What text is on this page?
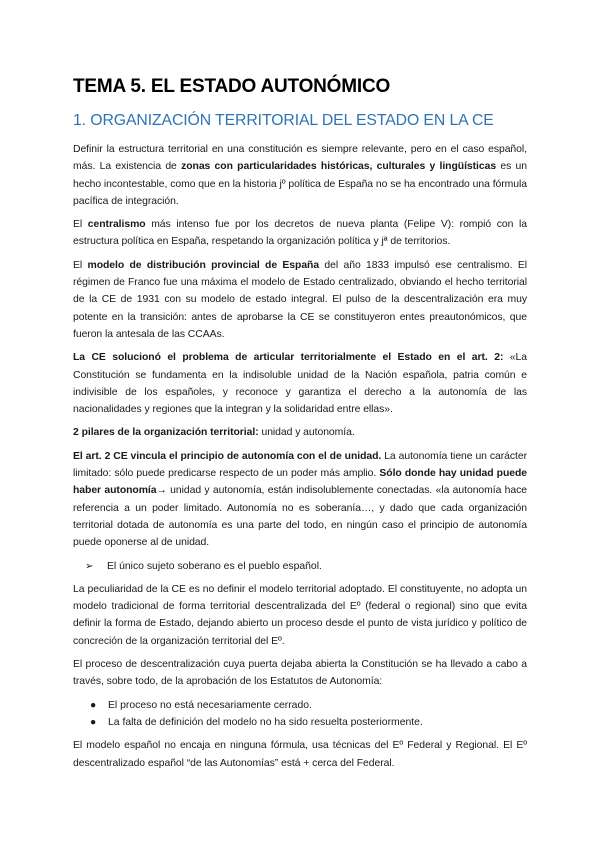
TEMA 5. EL ESTADO AUTONÓMICO
1. ORGANIZACIÓN TERRITORIAL DEL ESTADO EN LA CE

Definir la estructura territorial en una constitución es siempre relevante, pero en el caso español, más. La existencia de zonas con particularidades históricas, culturales y lingüísticas es un hecho incontestable, como que en la historia jº política de España no se ha encontrado una fórmula pacífica de integración.

El centralismo más intenso fue por los decretos de nueva planta (Felipe V): rompió con la estructura política en España, respetando la organización política y jª de territorios.

El modelo de distribución provincial de España del año 1833 impulsó ese centralismo. El régimen de Franco fue una máxima el modelo de Estado centralizado, obviando el hecho territorial de la CE de 1931 con su modelo de estado integral. El pulso de la descentralización era muy potente en la transición: antes de aprobarse la CE se constituyeron entes preautonómicos, que fueron la antesala de las CCAAs.

La CE solucionó el problema de articular territorialmente el Estado en el art. 2: «La Constitución se fundamenta en la indisoluble unidad de la Nación española, patria común e indivisible de los españoles, y reconoce y garantiza el derecho a la autonomía de las nacionalidades y regiones que la integran y la solidaridad entre ellas».

2 pilares de la organización territorial: unidad y autonomía.

El art. 2 CE vincula el principio de autonomía con el de unidad. La autonomía tiene un carácter limitado: sólo puede predicarse respecto de un poder más amplio. Sólo donde hay unidad puede haber autonomía→ unidad y autonomía, están indisolublemente conectadas. «la autonomía hace referencia a un poder limitado. Autonomía no es soberanía…, y dado que cada organización territorial dotada de autonomía es una parte del todo, en ningún caso el principio de autonomía puede oponerse al de unidad.

➢ El único sujeto soberano es el pueblo español.

La peculiaridad de la CE es no definir el modelo territorial adoptado. El constituyente, no adopta un modelo tradicional de forma territorial descentralizada del Eº (federal o regional) sino que evita definir la forma de Estado, dejando abierto un proceso desde el punto de vista jurídico y político de concreción de la organización territorial del Eº.

El proceso de descentralización cuya puerta dejaba abierta la Constitución se ha llevado a cabo a través, sobre todo, de la aprobación de los Estatutos de Autonomía:

● El proceso no está necesariamente cerrado.
● La falta de definición del modelo no ha sido resuelta posteriormente.

El modelo español no encaja en ninguna fórmula, usa técnicas del Eº Federal y Regional. El Eº descentralizado español “de las Autonomías” está + cerca del Federal.
